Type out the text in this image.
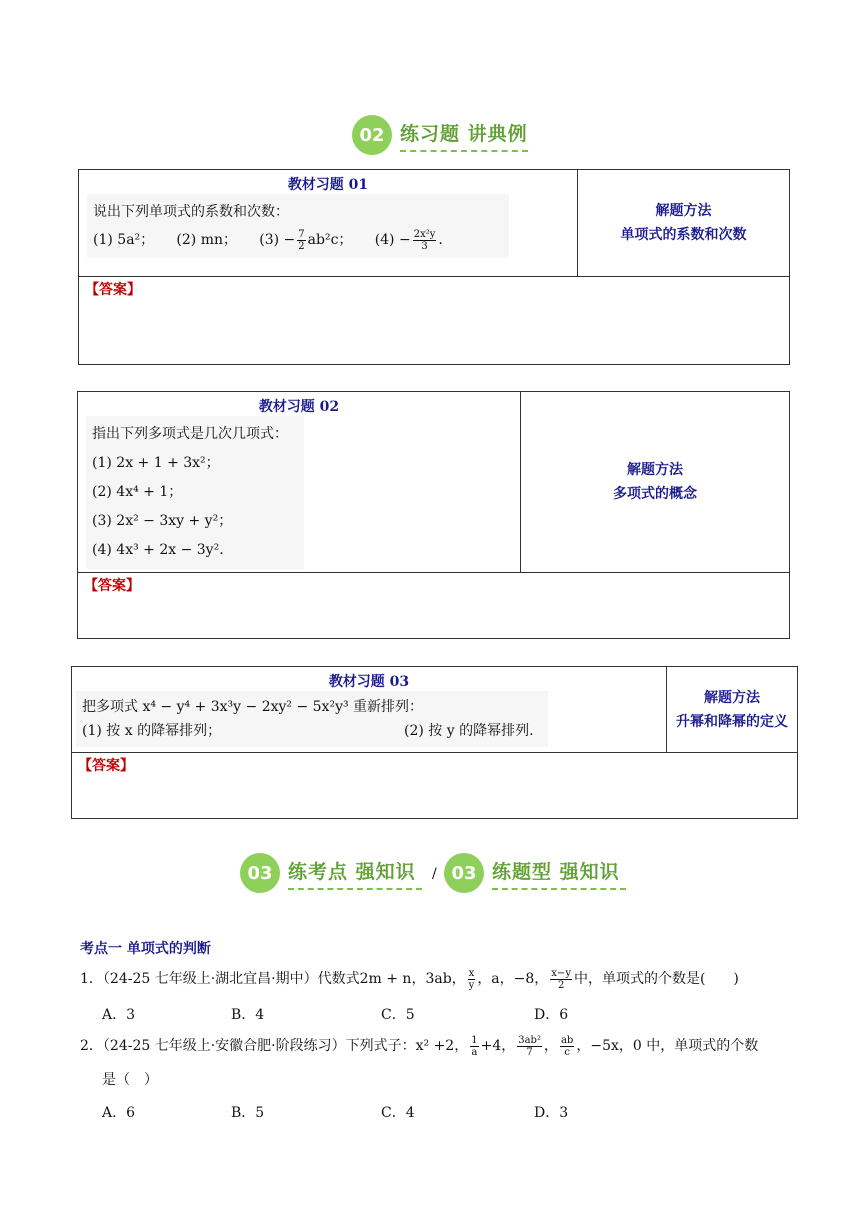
02 练习题 讲典例
教材习题 01
说出下列单项式的系数和次数：
(1) 5a²； (2) mn； $(3) - \frac{7}{2} ab^2c$； $(4) - \frac{\text{2x²y}}{3}$ .

解题方法
单项式的系数和次数

【答案】
教材习题 02
指出下列多项式是几次几项式：
(1) 2x + 1 + 3x²；
(2) 4x⁴ + 1；
(3) 2x² − 3xy + y²；
(4) 4x³ + 2x − 3y².

解题方法
多项式的概念

【答案】
教材习题 03
把多项式 x⁴ − y⁴ + 3x³y − 2xy² − 5x²y³ 重新排列：
(1) 按 x 的降幂排列；	(2) 按 y 的降幂排列.

解题方法
升幂和降幂的定义

【答案】
03 练考点 强知识	/ 03 练题型 强知识
考点一 单项式的判断
1．（24-25 七年级上·湖北宜昌·期中）代数式2m + n，3ab， $\frac{x}{y}$ ，a，−8， $\frac{x-y}{2}$ 中，单项式的个数是(　　)
A．3	B．4	C．5	D．6
2．（24-25 七年级上·安徽合肥·阶段练习）下列式子：x² +2， $\frac{1}{a} +4$， $\frac{\text{3ab²}}{7}$ ， $\frac{ab}{c}$ ，−5x，0 中，单项式的个数
是（　）
A．6	B．5	C．4	D．3
